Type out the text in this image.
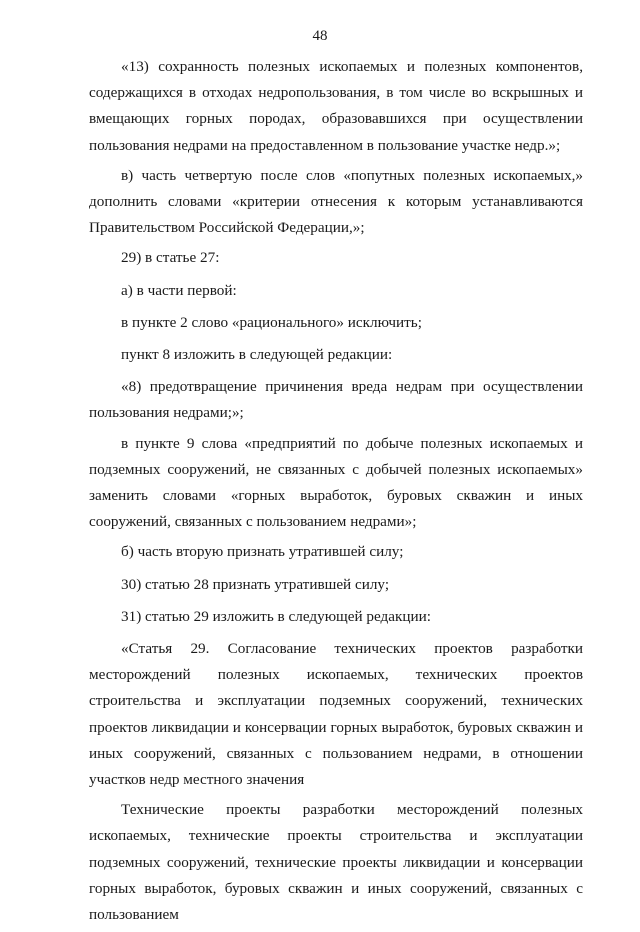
48

«13) сохранность полезных ископаемых и полезных компонентов, содержащихся в отходах недропользования, в том числе во вскрышных и вмещающих горных породах, образовавшихся при осуществлении пользования недрами на предоставленном в пользование участке недр.»;

в) часть четвертую после слов «попутных полезных ископаемых,» дополнить словами «критерии отнесения к которым устанавливаются Правительством Российской Федерации,»;

29) в статье 27:

а) в части первой:

в пункте 2 слово «рационального» исключить;

пункт 8 изложить в следующей редакции:

«8) предотвращение причинения вреда недрам при осуществлении пользования недрами;»;

в пункте 9 слова «предприятий по добыче полезных ископаемых и подземных сооружений, не связанных с добычей полезных ископаемых» заменить словами «горных выработок, буровых скважин и иных сооружений, связанных с пользованием недрами»;

б) часть вторую признать утратившей силу;

30) статью 28 признать утратившей силу;

31) статью 29 изложить в следующей редакции:

«Статья 29. Согласование технических проектов разработки месторождений полезных ископаемых, технических проектов строительства и эксплуатации подземных сооружений, технических проектов ликвидации и консервации горных выработок, буровых скважин и иных сооружений, связанных с пользованием недрами, в отношении участков недр местного значения

Технические проекты разработки месторождений полезных ископаемых, технические проекты строительства и эксплуатации подземных сооружений, технические проекты ликвидации и консервации горных выработок, буровых скважин и иных сооружений, связанных с пользованием
